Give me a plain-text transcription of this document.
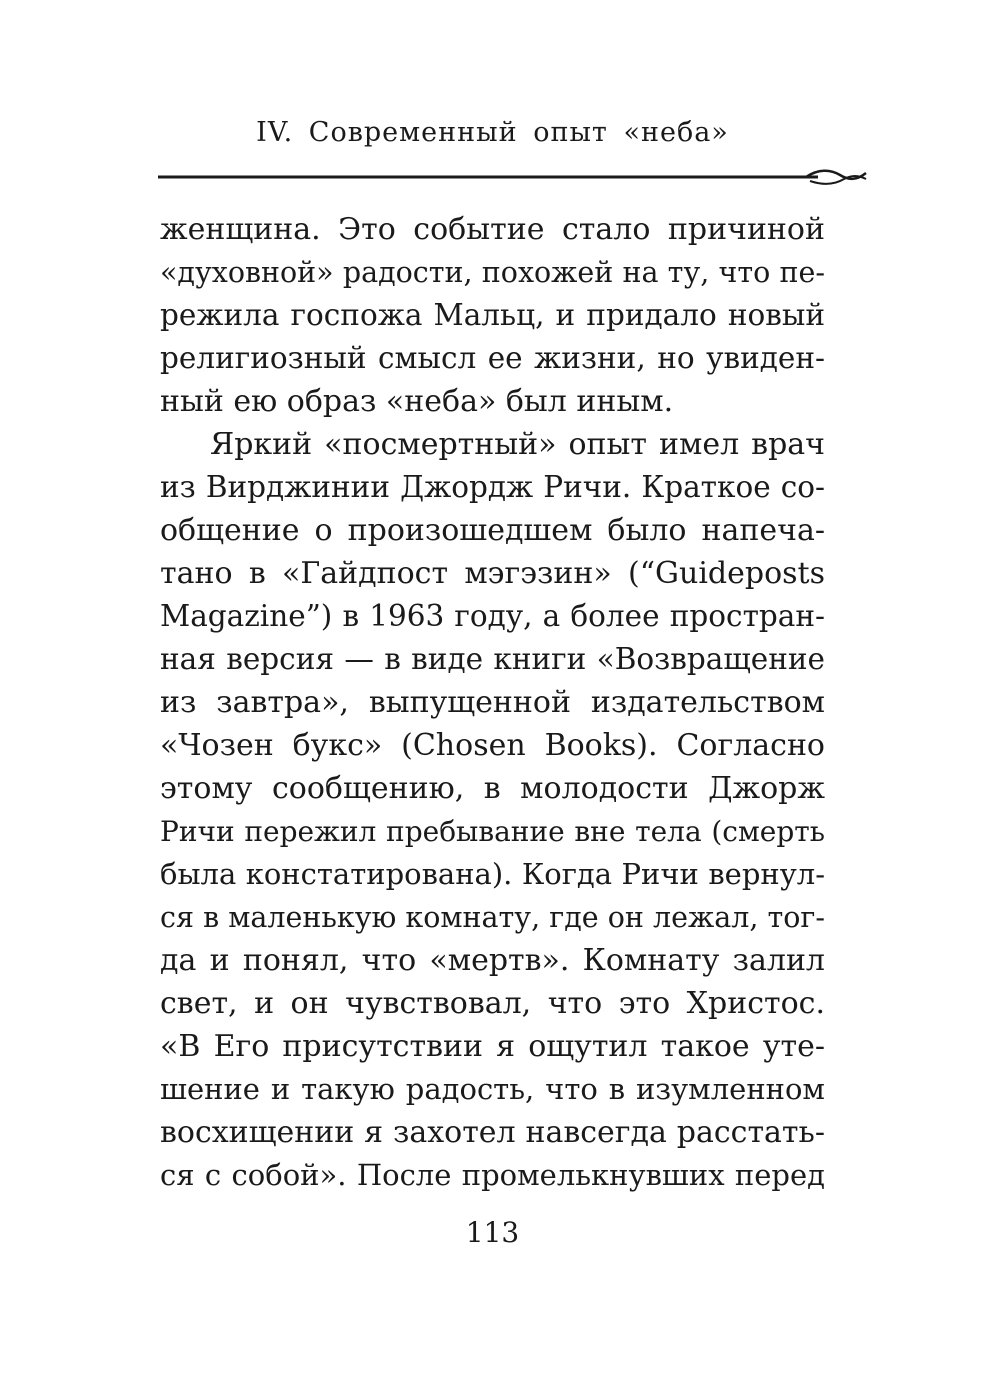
IV. Современный опыт «неба»
женщина. Это событие стало причиной
«духовной» радости, похожей на ту, что пе-
режила госпожа Мальц, и придало новый
религиозный смысл ее жизни, но увиден-
ный ею образ «неба» был иным.
Яркий «посмертный» опыт имел врач
из Вирджинии Джордж Ричи. Краткое со-
общение о произошедшем было напеча-
тано в «Гайдпост мэгэзин» (“Guideposts
Magazine”) в 1963 году, а более простран-
ная версия — в виде книги «Возвращение
из завтра», выпущенной издательством
«Чозен букс» (Chosen Books). Согласно
этому сообщению, в молодости Джорж
Ричи пережил пребывание вне тела (смерть
была констатирована). Когда Ричи вернул-
ся в маленькую комнату, где он лежал, тог-
да и понял, что «мертв». Комнату залил
свет, и он чувствовал, что это Христос.
«В Его присутствии я ощутил такое уте-
шение и такую радость, что в изумленном
восхищении я захотел навсегда расстать-
ся с собой». После промелькнувших перед
113
